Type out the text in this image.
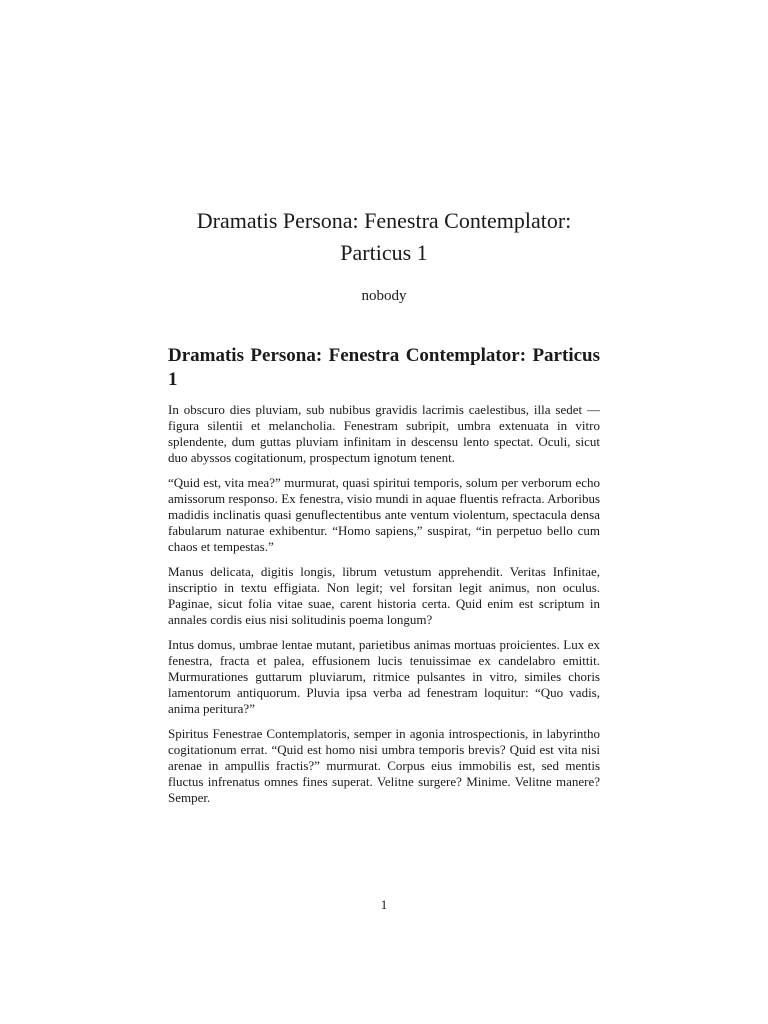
Dramatis Persona: Fenestra Contemplator:
Particus 1
nobody
Dramatis Persona: Fenestra Contemplator: Particus 1

In obscuro dies pluviam, sub nubibus gravidis lacrimis caelestibus, illa sedet — figura silentii et melancholia. Fenestram subripit, umbra extenuata in vitro splendente, dum guttas pluviam infinitam in descensu lento spectat. Oculi, sicut duo abyssos cogitationum, prospectum ignotum tenent.

“Quid est, vita mea?” murmurat, quasi spiritui temporis, solum per verborum echo amissorum responso. Ex fenestra, visio mundi in aquae fluentis refracta. Arboribus madidis inclinatis quasi genuflectentibus ante ventum violentum, spectacula densa fabularum naturae exhibentur. “Homo sapiens,” suspirat, “in perpetuo bello cum chaos et tempestas.”

Manus delicata, digitis longis, librum vetustum apprehendit. Veritas Infinitae, inscriptio in textu effigiata. Non legit; vel forsitan legit animus, non oculus. Paginae, sicut folia vitae suae, carent historia certa. Quid enim est scriptum in annales cordis eius nisi solitudinis poema longum?

Intus domus, umbrae lentae mutant, parietibus animas mortuas proicientes. Lux ex fenestra, fracta et palea, effusionem lucis tenuissimae ex candelabro emittit. Murmurationes guttarum pluviarum, ritmice pulsantes in vitro, similes choris lamentorum antiquorum. Pluvia ipsa verba ad fenestram loquitur: “Quo vadis, anima peritura?”

Spiritus Fenestrae Contemplatoris, semper in agonia introspectionis, in labyrintho cogitationum errat. “Quid est homo nisi umbra temporis brevis? Quid est vita nisi arenae in ampullis fractis?” murmurat. Corpus eius immobilis est, sed mentis fluctus infrenatus omnes fines superat. Velitne surgere? Minime. Velitne manere? Semper.

1
